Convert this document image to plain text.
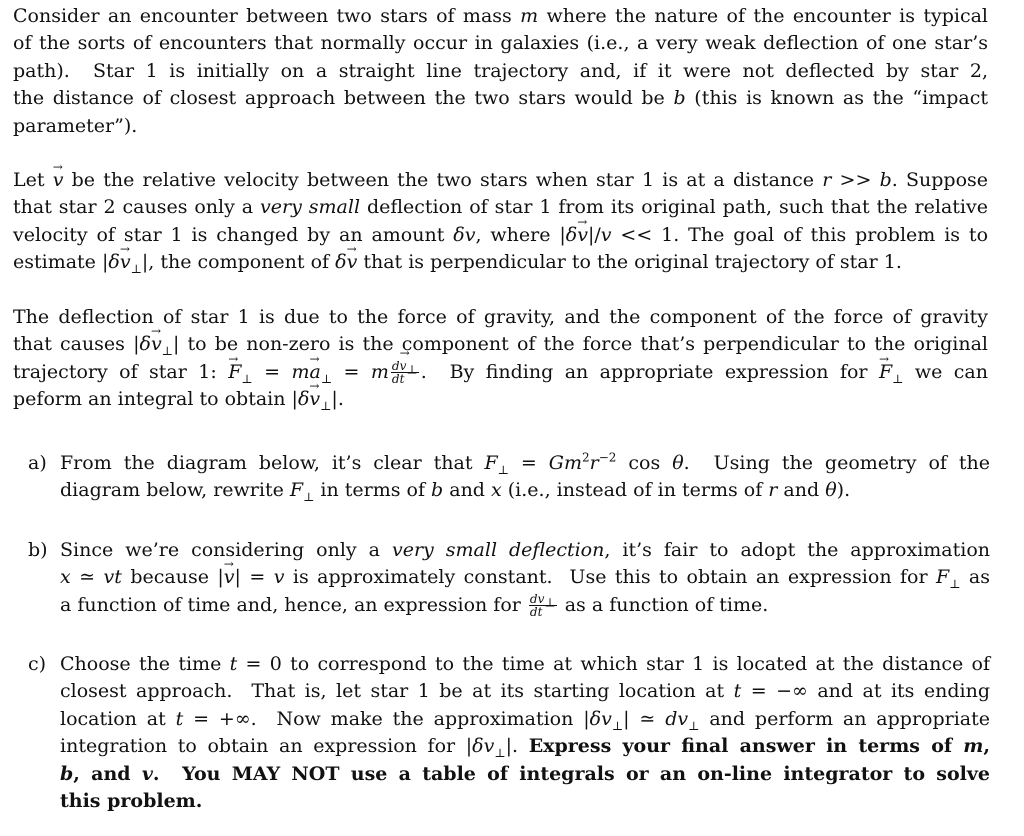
Consider an encounter between two stars of mass m where the nature of the encounter is typical
of the sorts of encounters that normally occur in galaxies (i.e., a very weak deflection of one star’s
path).  Star 1 is initially on a straight line trajectory and, if it were not deflected by star 2,
the distance of closest approach between the two stars would be b (this is known as the “impact
parameter”).
Let v → be the relative velocity between the two stars when star 1 is at a distance r >> b. Suppose
that star 2 causes only a very small deflection of star 1 from its original path, such that the relative
velocity of star 1 is changed by an amount δv, where |δv →|/v << 1. The goal of this problem is to
estimate $|\delta v \to_\perp|$, the component of δv → that is perpendicular to the original trajectory of star 1.
The deflection of star 1 is due to the force of gravity, and the component of the force of gravity
that causes $|\delta v \to_\perp|$ to be non-zero is the component of the force that’s perpendicular to the original
trajectory of star 1: $F \to_\perp$ = ma $\to_\perp = m \frac{dv \to_\perp}{dt}$ .  By finding an appropriate expression for $F \to_\perp$ we can
peform an integral to obtain $|\delta v \to_\perp|$.
a) From the diagram below, it’s clear that $F_\perp = Gm^2r^{-2}$ cos θ.  Using the geometry of the
diagram below, rewrite $F_\perp$ in terms of b and x (i.e., instead of in terms of r and θ).
b) Since we’re considering only a very small deflection, it’s fair to adopt the approximation
x ≃ vt because |v →| = v is approximately constant.  Use this to obtain an expression for $F_\perp$ as
a function of time and, hence, an expression for $\frac{dv_\perp}{dt}$ as a function of time.
c) Choose the time t = 0 to correspond to the time at which star 1 is located at the distance of
closest approach.  That is, let star 1 be at its starting location at t = −∞ and at its ending
location at t = +∞.  Now make the approximation $|\delta v_\perp|$ ≃ $dv_\perp$ and perform an appropriate
integration to obtain an expression for $|\delta v_\perp|$. Express your final answer in terms of m,
b, and v.  You MAY NOT use a table of integrals or an on-line integrator to solve
this problem.
